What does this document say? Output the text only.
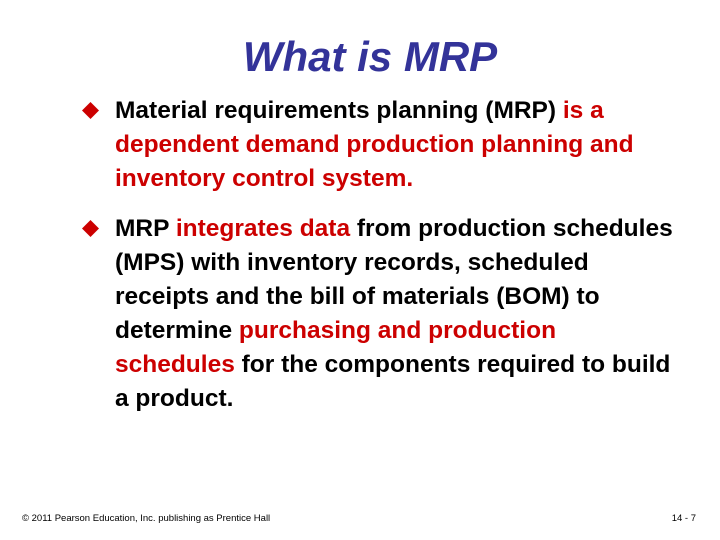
What is MRP
Material requirements planning (MRP) is a dependent demand production planning and inventory control system.
MRP integrates data from production schedules (MPS) with inventory records, scheduled receipts and the bill of materials (BOM) to determine purchasing and production schedules for the components required to build a product.
© 2011 Pearson Education, Inc. publishing as Prentice Hall	14 - 7
